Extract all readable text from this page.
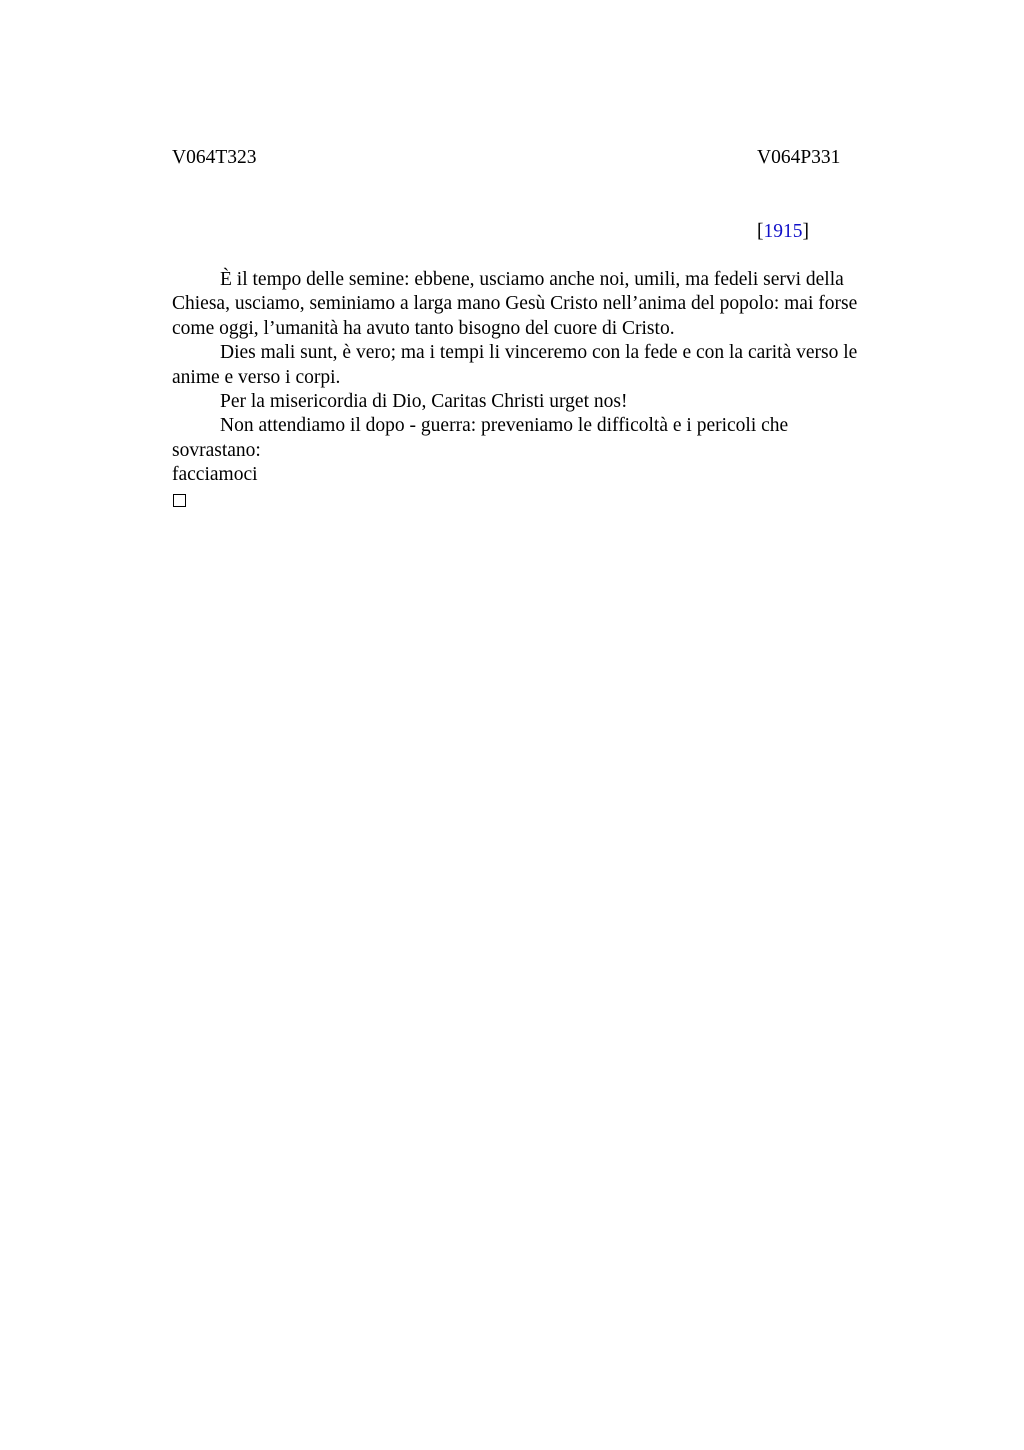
V064T323	V064P331
[1915]

È il tempo delle semine: ebbene, usciamo anche noi, umili, ma fedeli servi della Chiesa, usciamo, seminiamo a larga mano Gesù Cristo nell’anima del popolo: mai forse come oggi, l’umanità ha avuto tanto bisogno del cuore di Cristo.

Dies mali sunt, è vero; ma i tempi li vinceremo con la fede e con la carità verso le anime e verso i corpi.

Per la misericordia di Dio, Caritas Christi urget nos!

Non attendiamo il dopo - guerra: preveniamo le difficoltà e i pericoli che sovrastano:

facciamoci
